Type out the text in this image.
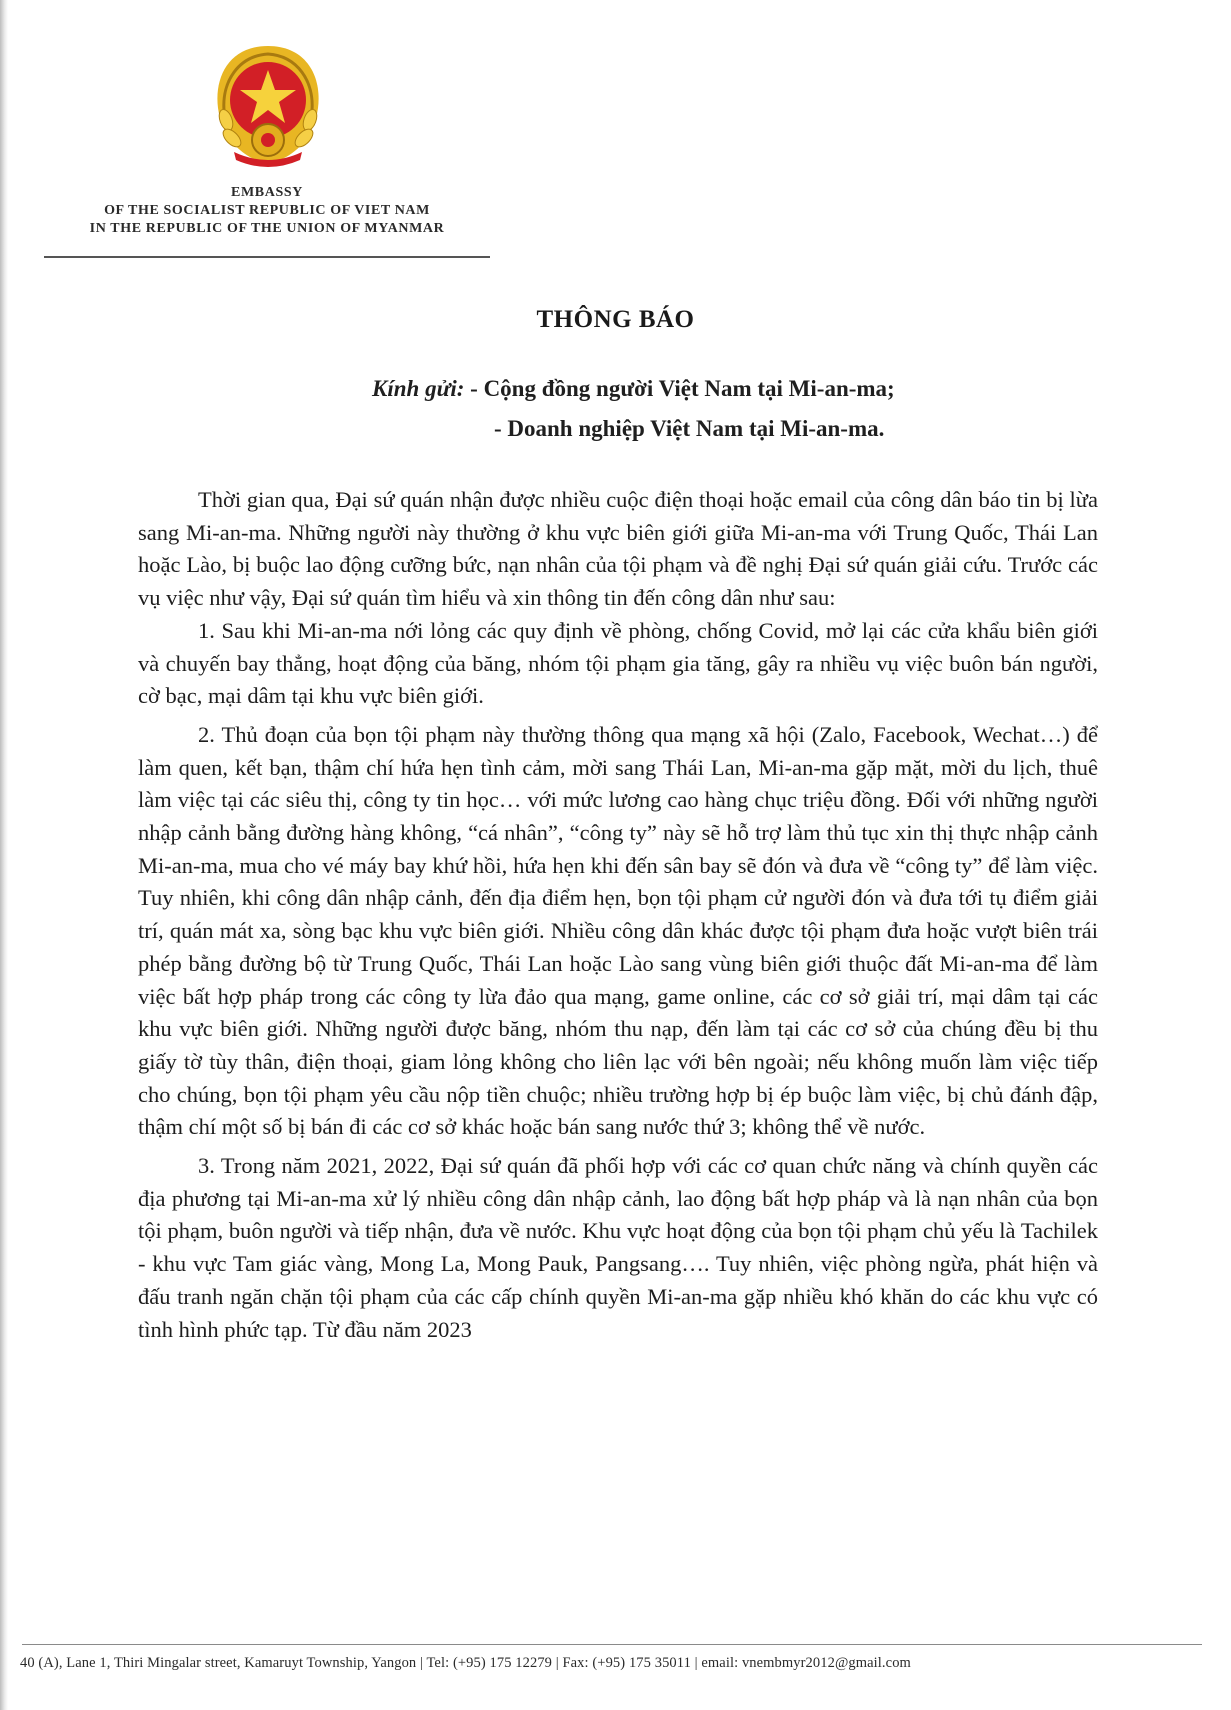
EMBASSY
OF THE SOCIALIST REPUBLIC OF VIET NAM
IN THE REPUBLIC OF THE UNION OF MYANMAR
THÔNG BÁO
Kính gửi: - Cộng đồng người Việt Nam tại Mi-an-ma;
- Doanh nghiệp Việt Nam tại Mi-an-ma.

Thời gian qua, Đại sứ quán nhận được nhiều cuộc điện thoại hoặc email của công dân báo tin bị lừa sang Mi-an-ma. Những người này thường ở khu vực biên giới giữa Mi-an-ma với Trung Quốc, Thái Lan hoặc Lào, bị buộc lao động cưỡng bức, nạn nhân của tội phạm và đề nghị Đại sứ quán giải cứu. Trước các vụ việc như vậy, Đại sứ quán tìm hiểu và xin thông tin đến công dân như sau:

1. Sau khi Mi-an-ma nới lỏng các quy định về phòng, chống Covid, mở lại các cửa khẩu biên giới và chuyến bay thẳng, hoạt động của băng, nhóm tội phạm gia tăng, gây ra nhiều vụ việc buôn bán người, cờ bạc, mại dâm tại khu vực biên giới.

2. Thủ đoạn của bọn tội phạm này thường thông qua mạng xã hội (Zalo, Facebook, Wechat…) để làm quen, kết bạn, thậm chí hứa hẹn tình cảm, mời sang Thái Lan, Mi-an-ma gặp mặt, mời du lịch, thuê làm việc tại các siêu thị, công ty tin học… với mức lương cao hàng chục triệu đồng. Đối với những người nhập cảnh bằng đường hàng không, “cá nhân”, “công ty” này sẽ hỗ trợ làm thủ tục xin thị thực nhập cảnh Mi-an-ma, mua cho vé máy bay khứ hồi, hứa hẹn khi đến sân bay sẽ đón và đưa về “công ty” để làm việc. Tuy nhiên, khi công dân nhập cảnh, đến địa điểm hẹn, bọn tội phạm cử người đón và đưa tới tụ điểm giải trí, quán mát xa, sòng bạc khu vực biên giới. Nhiều công dân khác được tội phạm đưa hoặc vượt biên trái phép bằng đường bộ từ Trung Quốc, Thái Lan hoặc Lào sang vùng biên giới thuộc đất Mi-an-ma để làm việc bất hợp pháp trong các công ty lừa đảo qua mạng, game online, các cơ sở giải trí, mại dâm tại các khu vực biên giới. Những người được băng, nhóm thu nạp, đến làm tại các cơ sở của chúng đều bị thu giấy tờ tùy thân, điện thoại, giam lỏng không cho liên lạc với bên ngoài; nếu không muốn làm việc tiếp cho chúng, bọn tội phạm yêu cầu nộp tiền chuộc; nhiều trường hợp bị ép buộc làm việc, bị chủ đánh đập, thậm chí một số bị bán đi các cơ sở khác hoặc bán sang nước thứ 3; không thể về nước.

3. Trong năm 2021, 2022, Đại sứ quán đã phối hợp với các cơ quan chức năng và chính quyền các địa phương tại Mi-an-ma xử lý nhiều công dân nhập cảnh, lao động bất hợp pháp và là nạn nhân của bọn tội phạm, buôn người và tiếp nhận, đưa về nước. Khu vực hoạt động của bọn tội phạm chủ yếu là Tachilek - khu vực Tam giác vàng, Mong La, Mong Pauk, Pangsang…. Tuy nhiên, việc phòng ngừa, phát hiện và đấu tranh ngăn chặn tội phạm của các cấp chính quyền Mi-an-ma gặp nhiều khó khăn do các khu vực có tình hình phức tạp. Từ đầu năm 2023

40 (A), Lane 1, Thiri Mingalar street, Kamaruyt Township, Yangon | Tel: (+95) 175 12279 | Fax: (+95) 175 35011 | email: vnembmyr2012@gmail.com
